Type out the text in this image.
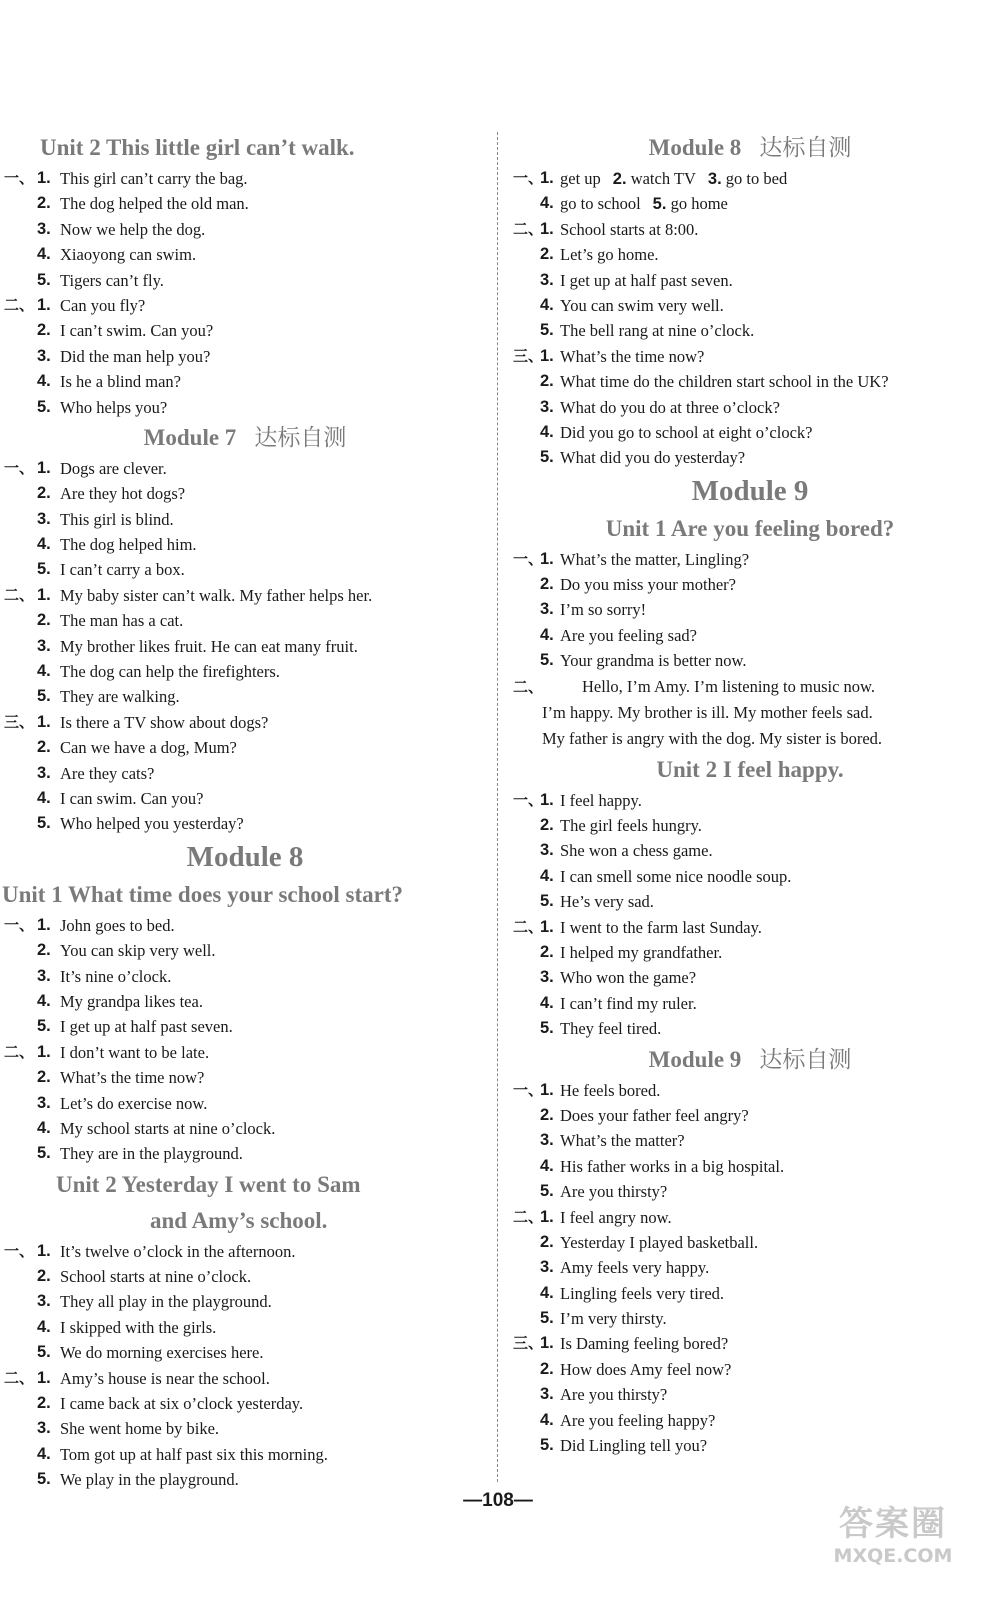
Unit 2 This little girl can’t walk.
一、 1. This girl can’t carry the bag.
2. The dog helped the old man.
3. Now we help the dog.
4. Xiaoyong can swim.
5. Tigers can’t fly.
二、 1. Can you fly?
2. I can’t swim. Can you?
3. Did the man help you?
4. Is he a blind man?
5. Who helps you?
Module 7 达标自测
一、 1. Dogs are clever.
2. Are they hot dogs?
3. This girl is blind.
4. The dog helped him.
5. I can’t carry a box.
二、 1. My baby sister can’t walk. My father helps her.
2. The man has a cat.
3. My brother likes fruit. He can eat many fruit.
4. The dog can help the firefighters.
5. They are walking.
三、 1. Is there a TV show about dogs?
2. Can we have a dog, Mum?
3. Are they cats?
4. I can swim. Can you?
5. Who helped you yesterday?
Module 8
Unit 1 What time does your school start?
一、 1. John goes to bed.
2. You can skip very well.
3. It’s nine o’clock.
4. My grandpa likes tea.
5. I get up at half past seven.
二、 1. I don’t want to be late.
2. What’s the time now?
3. Let’s do exercise now.
4. My school starts at nine o’clock.
5. They are in the playground.
Unit 2 Yesterday I went to Sam
and Amy’s school.
一、 1. It’s twelve o’clock in the afternoon.
2. School starts at nine o’clock.
3. They all play in the playground.
4. I skipped with the girls.
5. We do morning exercises here.
二、 1. Amy’s house is near the school.
2. I came back at six o’clock yesterday.
3. She went home by bike.
4. Tom got up at half past six this morning.
5. We play in the playground.
Module 8 达标自测
一、
1. get up 2. watch TV 3. go to bed
4. go to school 5. go home
二、
1. School starts at 8:00.
2. Let’s go home.
3. I get up at half past seven.
4. You can swim very well.
5. The bell rang at nine o’clock.
三、
1. What’s the time now?
2. What time do the children start school in the UK?
3. What do you do at three o’clock?
4. Did you go to school at eight o’clock?
5. What did you do yesterday?
Module 9
Unit 1 Are you feeling bored?
一、
1. What’s the matter, Lingling?
2. Do you miss your mother?
3. I’m so sorry!
4. Are you feeling sad?
5. Your grandma is better now.
二、	Hello, I’m Amy. I’m listening to music now.
I’m happy. My brother is ill. My mother feels sad.
My father is angry with the dog. My sister is bored.
Unit 2 I feel happy.
一、
1. I feel happy.
2. The girl feels hungry.
3. She won a chess game.
4. I can smell some nice noodle soup.
5. He’s very sad.
二、
1. I went to the farm last Sunday.
2. I helped my grandfather.
3. Who won the game?
4. I can’t find my ruler.
5. They feel tired.
Module 9 达标自测
一、
1. He feels bored.
2. Does your father feel angry?
3. What’s the matter?
4. His father works in a big hospital.
5. Are you thirsty?
二、
1. I feel angry now.
2. Yesterday I played basketball.
3. Amy feels very happy.
4. Lingling feels very tired.
5. I’m very thirsty.
三、
1. Is Daming feeling bored?
2. How does Amy feel now?
3. Are you thirsty?
4. Are you feeling happy?
5. Did Lingling tell you?
—108—
答案圈
MXQE.COM
